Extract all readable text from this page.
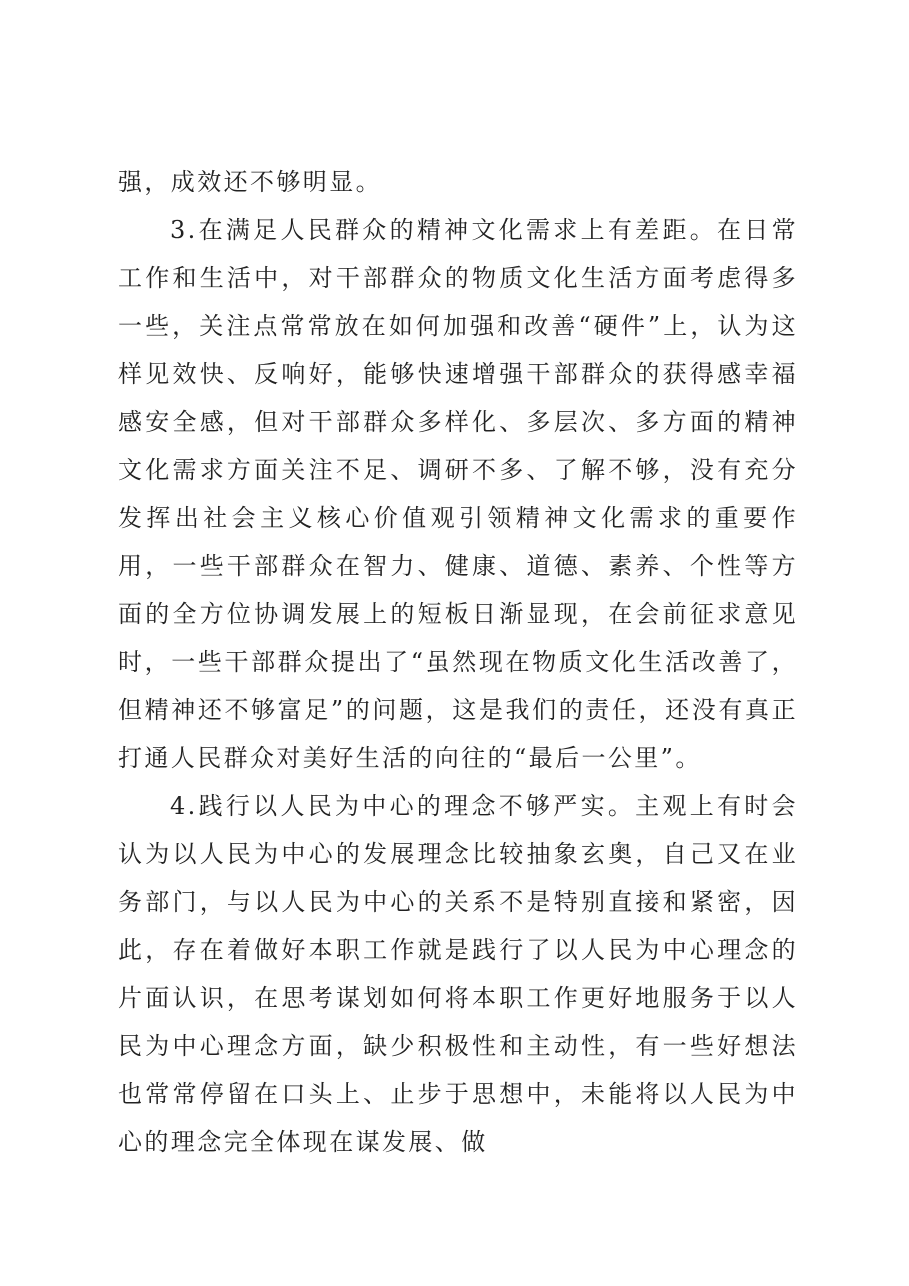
强，成效还不够明显。

3.在满足人民群众的精神文化需求上有差距。在日常工作和生活中，对干部群众的物质文化生活方面考虑得多一些，关注点常常放在如何加强和改善“硬件”上，认为这样见效快、反响好，能够快速增强干部群众的获得感幸福感安全感，但对干部群众多样化、多层次、多方面的精神文化需求方面关注不足、调研不多、了解不够，没有充分发挥出社会主义核心价值观引领精神文化需求的重要作用，一些干部群众在智力、健康、道德、素养、个性等方面的全方位协调发展上的短板日渐显现，在会前征求意见时，一些干部群众提出了“虽然现在物质文化生活改善了，但精神还不够富足”的问题，这是我们的责任，还没有真正打通人民群众对美好生活的向往的“最后一公里”。

4.践行以人民为中心的理念不够严实。主观上有时会认为以人民为中心的发展理念比较抽象玄奥，自己又在业务部门，与以人民为中心的关系不是特别直接和紧密，因此，存在着做好本职工作就是践行了以人民为中心理念的片面认识，在思考谋划如何将本职工作更好地服务于以人民为中心理念方面，缺少积极性和主动性，有一些好想法也常常停留在口头上、止步于思想中，未能将以人民为中心的理念完全体现在谋发展、做
